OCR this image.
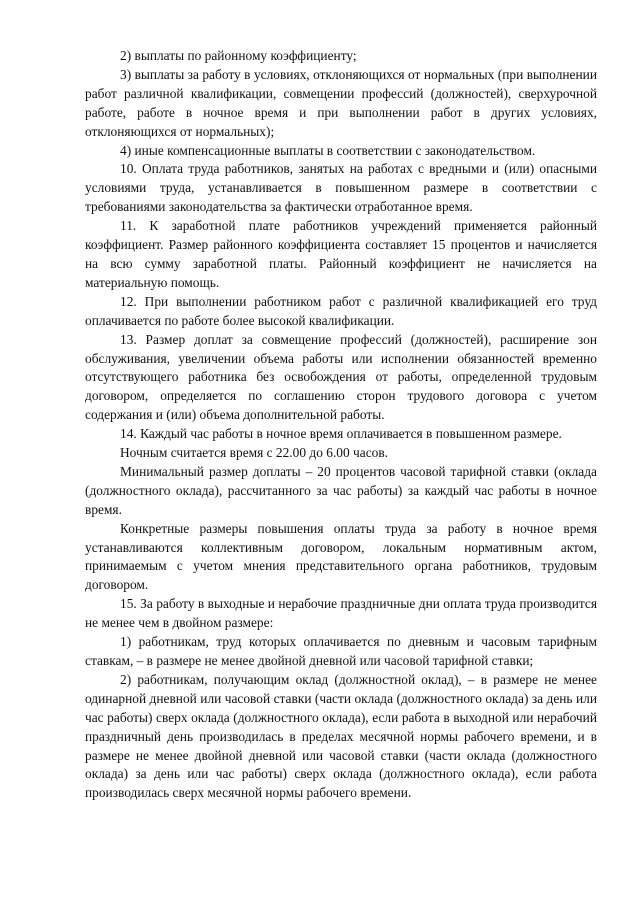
2) выплаты по районному коэффициенту;

3) выплаты за работу в условиях, отклоняющихся от нормальных (при выполнении работ различной квалификации, совмещении профессий (должностей), сверхурочной работе, работе в ночное время и при выполнении работ в других условиях, отклоняющихся от нормальных);

4) иные компенсационные выплаты в соответствии с законодательством.

10. Оплата труда работников, занятых на работах с вредными и (или) опасными условиями труда, устанавливается в повышенном размере в соответствии с требованиями законодательства за фактически отработанное время.

11. К заработной плате работников учреждений применяется районный коэффициент. Размер районного коэффициента составляет 15 процентов и начисляется на всю сумму заработной платы. Районный коэффициент не начисляется на материальную помощь.

12. При выполнении работником работ с различной квалификацией его труд оплачивается по работе более высокой квалификации.

13. Размер доплат за совмещение профессий (должностей), расширение зон обслуживания, увеличении объема работы или исполнении обязанностей временно отсутствующего работника без освобождения от работы, определенной трудовым договором, определяется по соглашению сторон трудового договора с учетом содержания и (или) объема дополнительной работы.

14. Каждый час работы в ночное время оплачивается в повышенном размере.

Ночным считается время с 22.00 до 6.00 часов.

Минимальный размер доплаты – 20 процентов часовой тарифной ставки (оклада (должностного оклада), рассчитанного за час работы) за каждый час работы в ночное время.

Конкретные размеры повышения оплаты труда за работу в ночное время устанавливаются коллективным договором, локальным нормативным актом, принимаемым с учетом мнения представительного органа работников, трудовым договором.

15. За работу в выходные и нерабочие праздничные дни оплата труда производится не менее чем в двойном размере:

1) работникам, труд которых оплачивается по дневным и часовым тарифным ставкам, – в размере не менее двойной дневной или часовой тарифной ставки;

2) работникам, получающим оклад (должностной оклад), – в размере не менее одинарной дневной или часовой ставки (части оклада (должностного оклада) за день или час работы) сверх оклада (должностного оклада), если работа в выходной или нерабочий праздничный день производилась в пределах месячной нормы рабочего времени, и в размере не менее двойной дневной или часовой ставки (части оклада (должностного оклада) за день или час работы) сверх оклада (должностного оклада), если работа производилась сверх месячной нормы рабочего времени.
